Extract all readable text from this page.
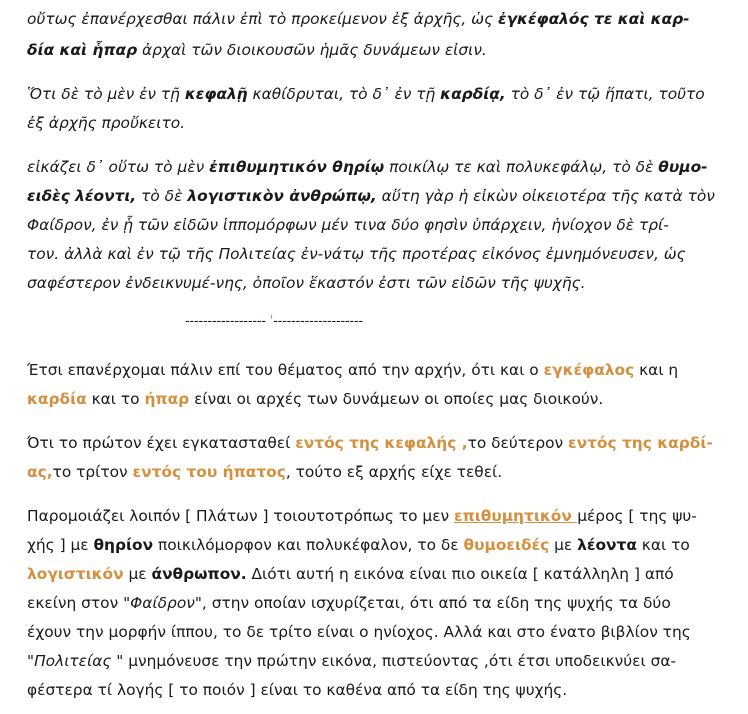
οὔτως ἐπανέρχεσθαι πάλιν ἐπὶ τὸ προκείμενον ἐξ ἀρχῆς, ὡς ἐγκέφαλός τε καὶ καρ-
δία καὶ ἧπαρ ἀρχαὶ τῶν διοικουσῶν ἡμᾶς δυνάμεων εἰσιν.
Ὅτι δὲ τὸ μὲν ἐν τῇ κεφαλῇ καθίδρυται, τὸ δ᾽ ἐν τῇ καρδίᾳ, τὸ δ᾽ ἐν τῷ ἥπατι, τοῦτο
ἐξ ἀρχῆς προὔκειτο.
εἰκάζει δ᾽ οὕτω τὸ μὲν ἐπιθυμητικόν θηρίῳ ποικίλῳ τε καὶ πολυκεφάλῳ, τὸ δὲ θυμο-
ειδὲς λέοντι, τὸ δὲ λογιστικὸν ἀνθρώπῳ, αὕτη γὰρ ἡ εἰκὼν οἰκειοτέρα τῆς κατὰ τὸν
Φαίδρον, ἐν ᾗ τῶν εἰδῶν ἱππομόρφων μέν τινα δύο φησὶν ὑπάρχειν, ἡνίοχον δὲ τρί-
τον. ἀλλὰ καὶ ἐν τῷ τῆς Πολιτείας ἐν-νάτῳ τῆς προτέρας εἰκόνος ἐμνημόνευσεν, ὡς
σαφέστερον ἐνδεικνυμέ-νης, ὁποῖον ἕκαστόν ἐστι τῶν εἰδῶν τῆς ψυχῆς.
------------------ '--------------------
Έτσι επανέρχομαι πάλιν επί του θέματος από την αρχήν, ότι και ο εγκέφαλος και η
καρδία και το ήπαρ είναι οι αρχές των δυνάμεων οι οποίες μας διοικούν.
Ότι το πρώτον έχει εγκατασταθεί εντός της κεφαλής ,το δεύτερον εντός της καρδί-
ας,το τρίτον εντός του ήπατος, τούτο εξ αρχής είχε τεθεί.
Παρομοιάζει λοιπόν [ Πλάτων ] τοιουτοτρόπως το μεν επιθυμητικόν μέρος [ της ψυ-
χής ] με θηρίον ποικιλόμορφον και πολυκέφαλον, το δε θυμοειδές με λέοντα και το
λογιστικόν με άνθρωπον. Διότι αυτή η εικόνα είναι πιο οικεία [ κατάλληλη ] από
εκείνη στον "Φαίδρον", στην οποίαν ισχυρίζεται, ότι από τα είδη της ψυχής τα δύο
έχουν την μορφήν ίππου, το δε τρίτο είναι ο ηνίοχος. Αλλά και στο ένατο βιβλίον της
"Πολιτείας " μνημόνευσε την πρώτην εικόνα, πιστεύοντας ,ότι έτσι υποδεικνύει σα-
φέστερα τί λογής [ το ποιόν ] είναι το καθένα από τα είδη της ψυχής.
